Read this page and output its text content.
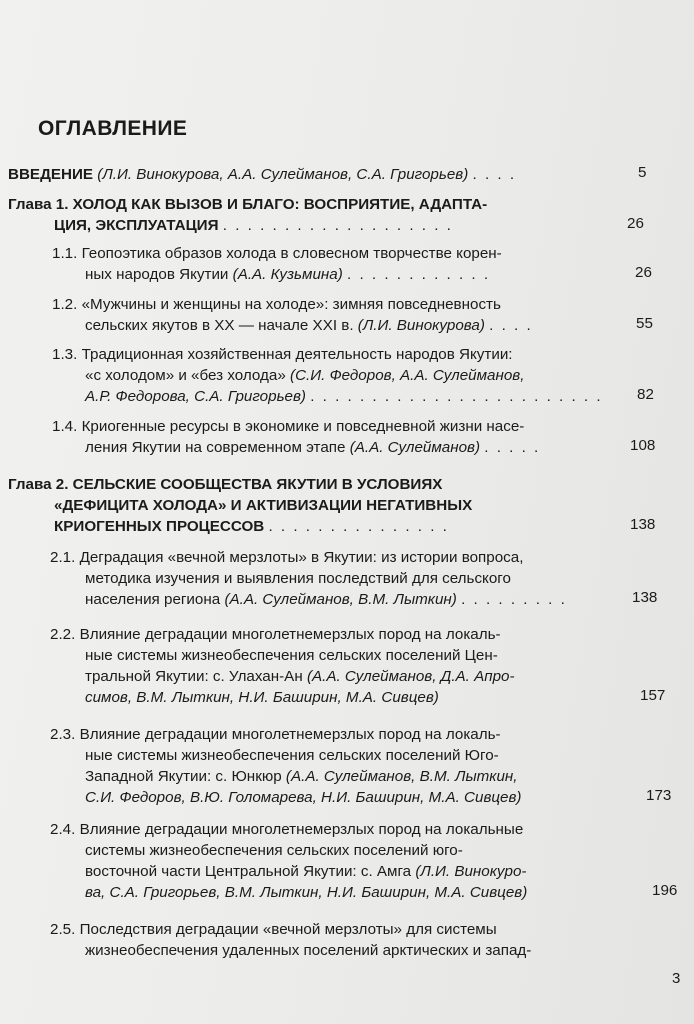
ОГЛАВЛЕНИЕ
ВВЕДЕНИЕ (Л.И. Винокурова, А.А. Сулейманов, С.А. Григорьев) . . . .	5
Глава 1. ХОЛОД КАК ВЫЗОВ И БЛАГО: ВОСПРИЯТИЕ, АДАПТА-
ЦИЯ, ЭКСПЛУАТАЦИЯ . . . . . . . . . . . . . . . . . . .	26
1.1. Геопоэтика образов холода в словесном творчестве корен-
ных народов Якутии (А.А. Кузьмина) . . . . . . . . . . . .	26
1.2. «Мужчины и женщины на холоде»: зимняя повседневность
сельских якутов в XX — начале XXI в. (Л.И. Винокурова) . . . .	55
1.3. Традиционная хозяйственная деятельность народов Якутии:
«с холодом» и «без холода» (С.И. Федоров, А.А. Сулейманов,
А.Р. Федорова, С.А. Григорьев) . . . . . . . . . . . . . . . . . . . . . . . . 82
1.4. Криогенные ресурсы в экономике и повседневной жизни насе-
ления Якутии на современном этапе (А.А. Сулейманов) . . . . .	108
Глава 2. СЕЛЬСКИЕ СООБЩЕСТВА ЯКУТИИ В УСЛОВИЯХ
«ДЕФИЦИТА ХОЛОДА» И АКТИВИЗАЦИИ НЕГАТИВНЫХ
КРИОГЕННЫХ ПРОЦЕССОВ . . . . . . . . . . . . . . .	138
2.1. Деградация «вечной мерзлоты» в Якутии: из истории вопроса,
методика изучения и выявления последствий для сельского
населения региона (А.А. Сулейманов, В.М. Лыткин) . . . . . . . . .	138
2.2. Влияние деградации многолетнемерзлых пород на локаль-
ные системы жизнеобеспечения сельских поселений Цен-
тральной Якутии: с. Улахан-Ан (А.А. Сулейманов, Д.А. Апро-
симов, В.М. Лыткин, Н.И. Баширин, М.А. Сивцев)	157
2.3. Влияние деградации многолетнемерзлых пород на локаль-
ные системы жизнеобеспечения сельских поселений Юго-
Западной Якутии: с. Юнкюр (А.А. Сулейманов, В.М. Лыткин,
С.И. Федоров, В.Ю. Голомарева, Н.И. Баширин, М.А. Сивцев)	173
2.4. Влияние деградации многолетнемерзлых пород на локальные
системы жизнеобеспечения сельских поселений юго-
восточной части Центральной Якутии: с. Амга (Л.И. Винокуро-
ва, С.А. Григорьев, В.М. Лыткин, Н.И. Баширин, М.А. Сивцев)	196
2.5. Последствия деградации «вечной мерзлоты» для системы
жизнеобеспечения удаленных поселений арктических и запад-
3
